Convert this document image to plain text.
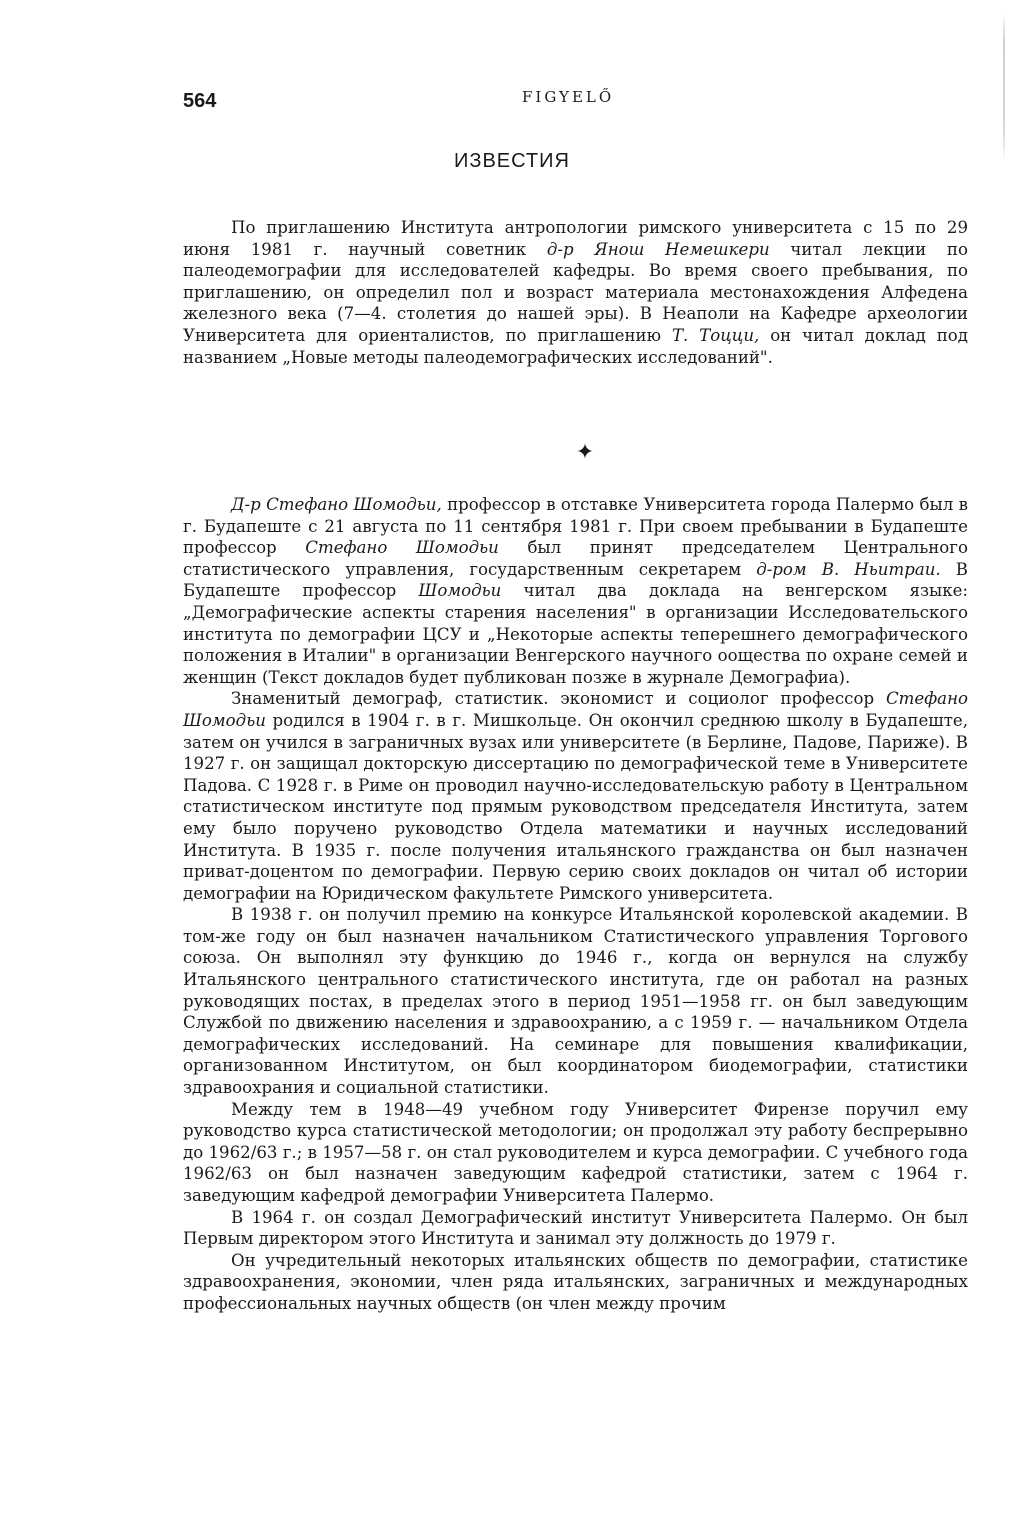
564	FIGYELŐ
ИЗВЕСТИЯ

По приглашению Института антропологии римского университета с 15 по 29 июня 1981 г. научный советник д-р Янош Немешкери читал лекции по палеодемографии для исследователей кафедры. Во время своего пребывания, по приглашению, он определил пол и возраст материала местонахождения Алфедена железного века (7—4. столетия до нашей эры). В Неаполи на Кафедре археологии Университета для ориенталистов, по приглашению Т. Тоцци, он читал доклад под названием „Новые методы палеодемографических исследований".

✦

Д-р Стефано Шомодьи, профессор в отставке Университета города Палермо был в г. Будапеште с 21 августа по 11 сентября 1981 г. При своем пребывании в Будапеште профессор Стефано Шомодьи был принят председателем Центрального статистического управления, государственным секретарем д-ром В. Ньитраи. В Будапеште профессор Шомодьи читал два доклада на венгерском языке: „Демографические аспекты старения населения" в организации Исследовательского института по демографии ЦСУ и „Некоторые аспекты теперешнего демографического положения в Италии" в организации Венгерского научного оощества по охране семей и женщин (Текст докладов будет публикован позже в журнале Демографиа).

Знаменитый демограф, статистик. экономист и социолог профессор Стефано Шомодьи родился в 1904 г. в г. Мишкольце. Он окончил среднюю школу в Будапеште, затем он учился в заграничных вузах или университете (в Берлине, Падове, Париже). В 1927 г. он защищал докторскую диссертацию по демографической теме в Университете Падова. С 1928 г. в Риме он проводил научно-исследовательскую работу в Центральном статистическом институте под прямым руководством председателя Института, затем ему было поручено руководство Отдела математики и научных исследований Института. В 1935 г. после получения итальянского гражданства он был назначен приват-доцентом по демографии. Первую серию своих докладов он читал об истории демографии на Юридическом факультете Римского университета.

В 1938 г. он получил премию на конкурсе Итальянской королевской академии. В том-же году он был назначен начальником Статистического управления Торгового союза. Он выполнял эту функцию до 1946 г., когда он вернулся на службу Итальянского центрального статистического института, где он работал на разных руководящих постах, в пределах этого в период 1951—1958 гг. он был заведующим Службой по движению населения и здравоохранию, а с 1959 г. — начальником Отдела демографических исследований. На семинаре для повышения квалификации, организованном Институтом, он был координатором биодемографии, статистики здравоохрания и социальной статистики.

Между тем в 1948—49 учебном году Университет Фирензе поручил ему руководство курса статистической методологии; он продолжал эту работу беспрерывно до 1962/63 г.; в 1957—58 г. он стал руководителем и курса демографии. С учебного года 1962/63 он был назначен заведующим кафедрой статистики, затем с 1964 г. заведующим кафедрой демографии Университета Палермо.

В 1964 г. он создал Демографический институт Университета Палермо. Он был Первым директором этого Института и занимал эту должность до 1979 г.

Он учредительный некоторых итальянских обществ по демографии, статистике здравоохранения, экономии, член ряда итальянских, заграничных и международных профессиональных научных обществ (он член между прочим
